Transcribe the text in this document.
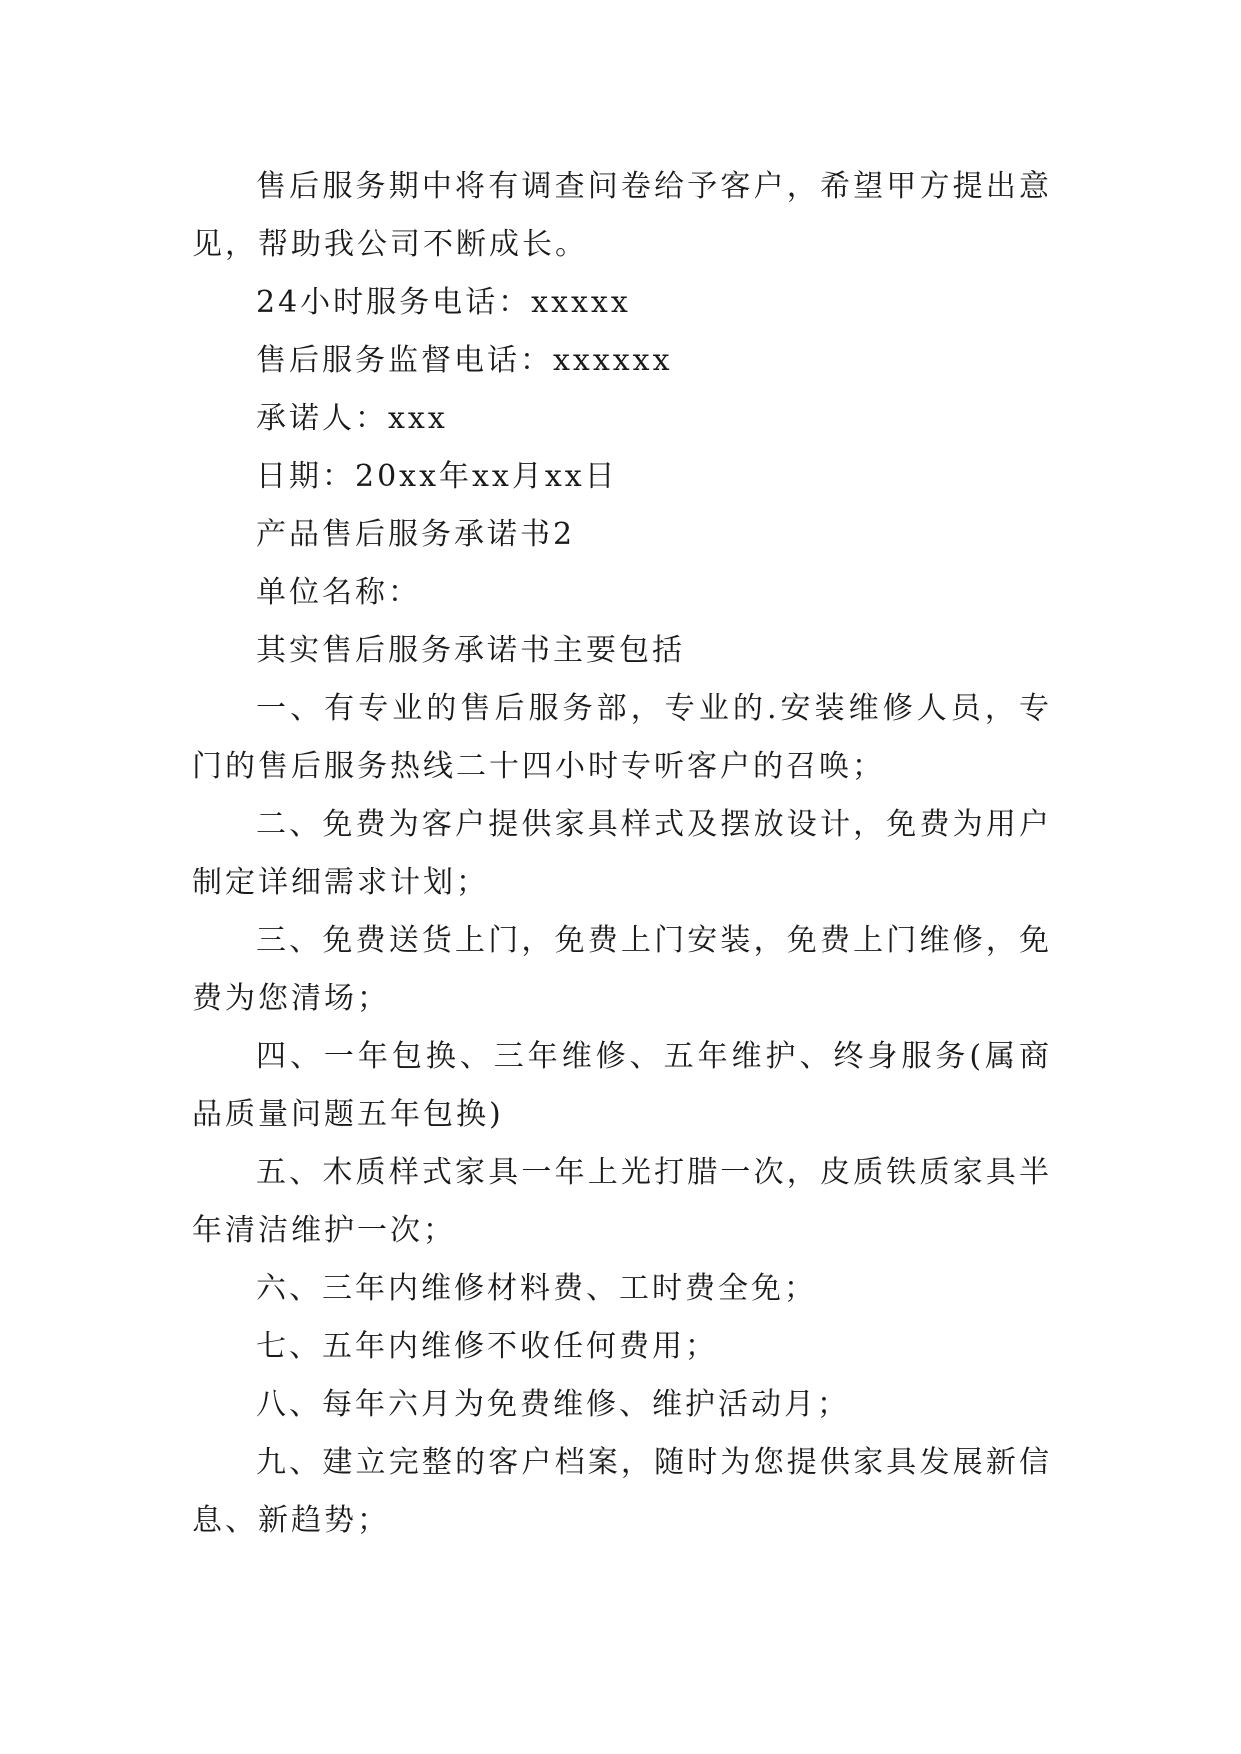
售后服务期中将有调查问卷给予客户，希望甲方提出意见，帮助我公司不断成长。

24小时服务电话：xxxxx

售后服务监督电话：xxxxxx

承诺人：xxx

日期：20xx年xx月xx日

产品售后服务承诺书2

单位名称：

其实售后服务承诺书主要包括

一、有专业的售后服务部，专业的.安装维修人员，专门的售后服务热线二十四小时专听客户的召唤；

二、免费为客户提供家具样式及摆放设计，免费为用户制定详细需求计划；

三、免费送货上门，免费上门安装，免费上门维修，免费为您清场；

四、一年包换、三年维修、五年维护、终身服务(属商品质量问题五年包换)

五、木质样式家具一年上光打腊一次，皮质铁质家具半年清洁维护一次；

六、三年内维修材料费、工时费全免；

七、五年内维修不收任何费用；

八、每年六月为免费维修、维护活动月；

九、建立完整的客户档案，随时为您提供家具发展新信息、新趋势；
